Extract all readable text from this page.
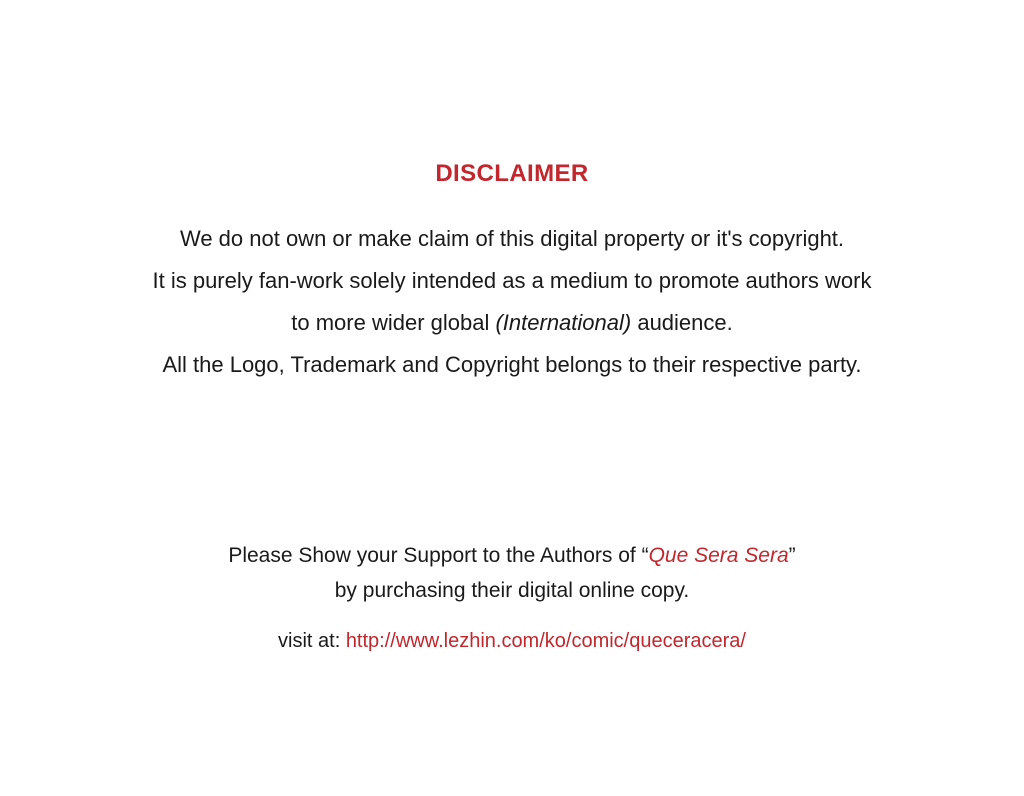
DISCLAIMER
We do not own or make claim of this digital property or it's copyright.
It is purely fan-work solely intended as a medium to promote authors work
to more wider global (International) audience.
All the Logo, Trademark and Copyright belongs to their respective party.
Please Show your Support to the Authors of “Que Sera Sera”
by purchasing their digital online copy.
visit at: http://www.lezhin.com/ko/comic/queceracera/
